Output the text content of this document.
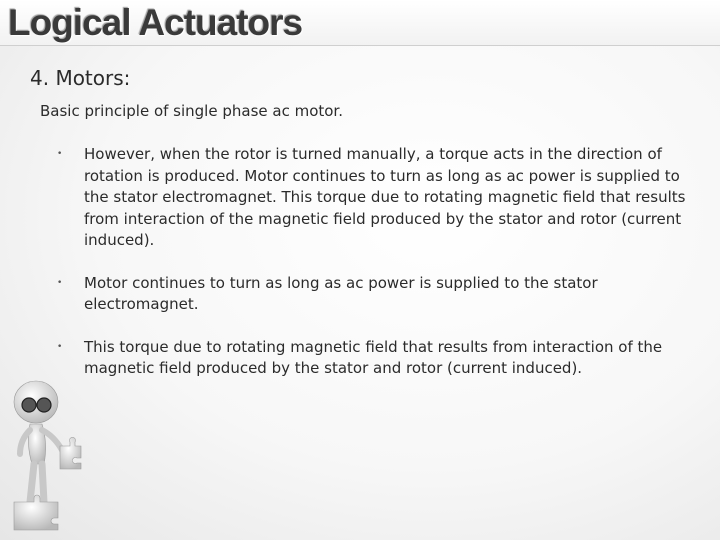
Logical Actuators
4. Motors:
Basic principle of single phase ac motor.
•	However, when the rotor is turned manually, a torque acts in the direction of rotation is produced. Motor continues to turn as long as ac power is supplied to the stator electromagnet. This torque due to rotating magnetic field that results from interaction of the magnetic field produced by the stator and rotor (current induced).
•	Motor continues to turn as long as ac power is supplied to the stator electromagnet.
•	This torque due to rotating magnetic field that results from interaction of the magnetic field produced by the stator and rotor (current induced).
